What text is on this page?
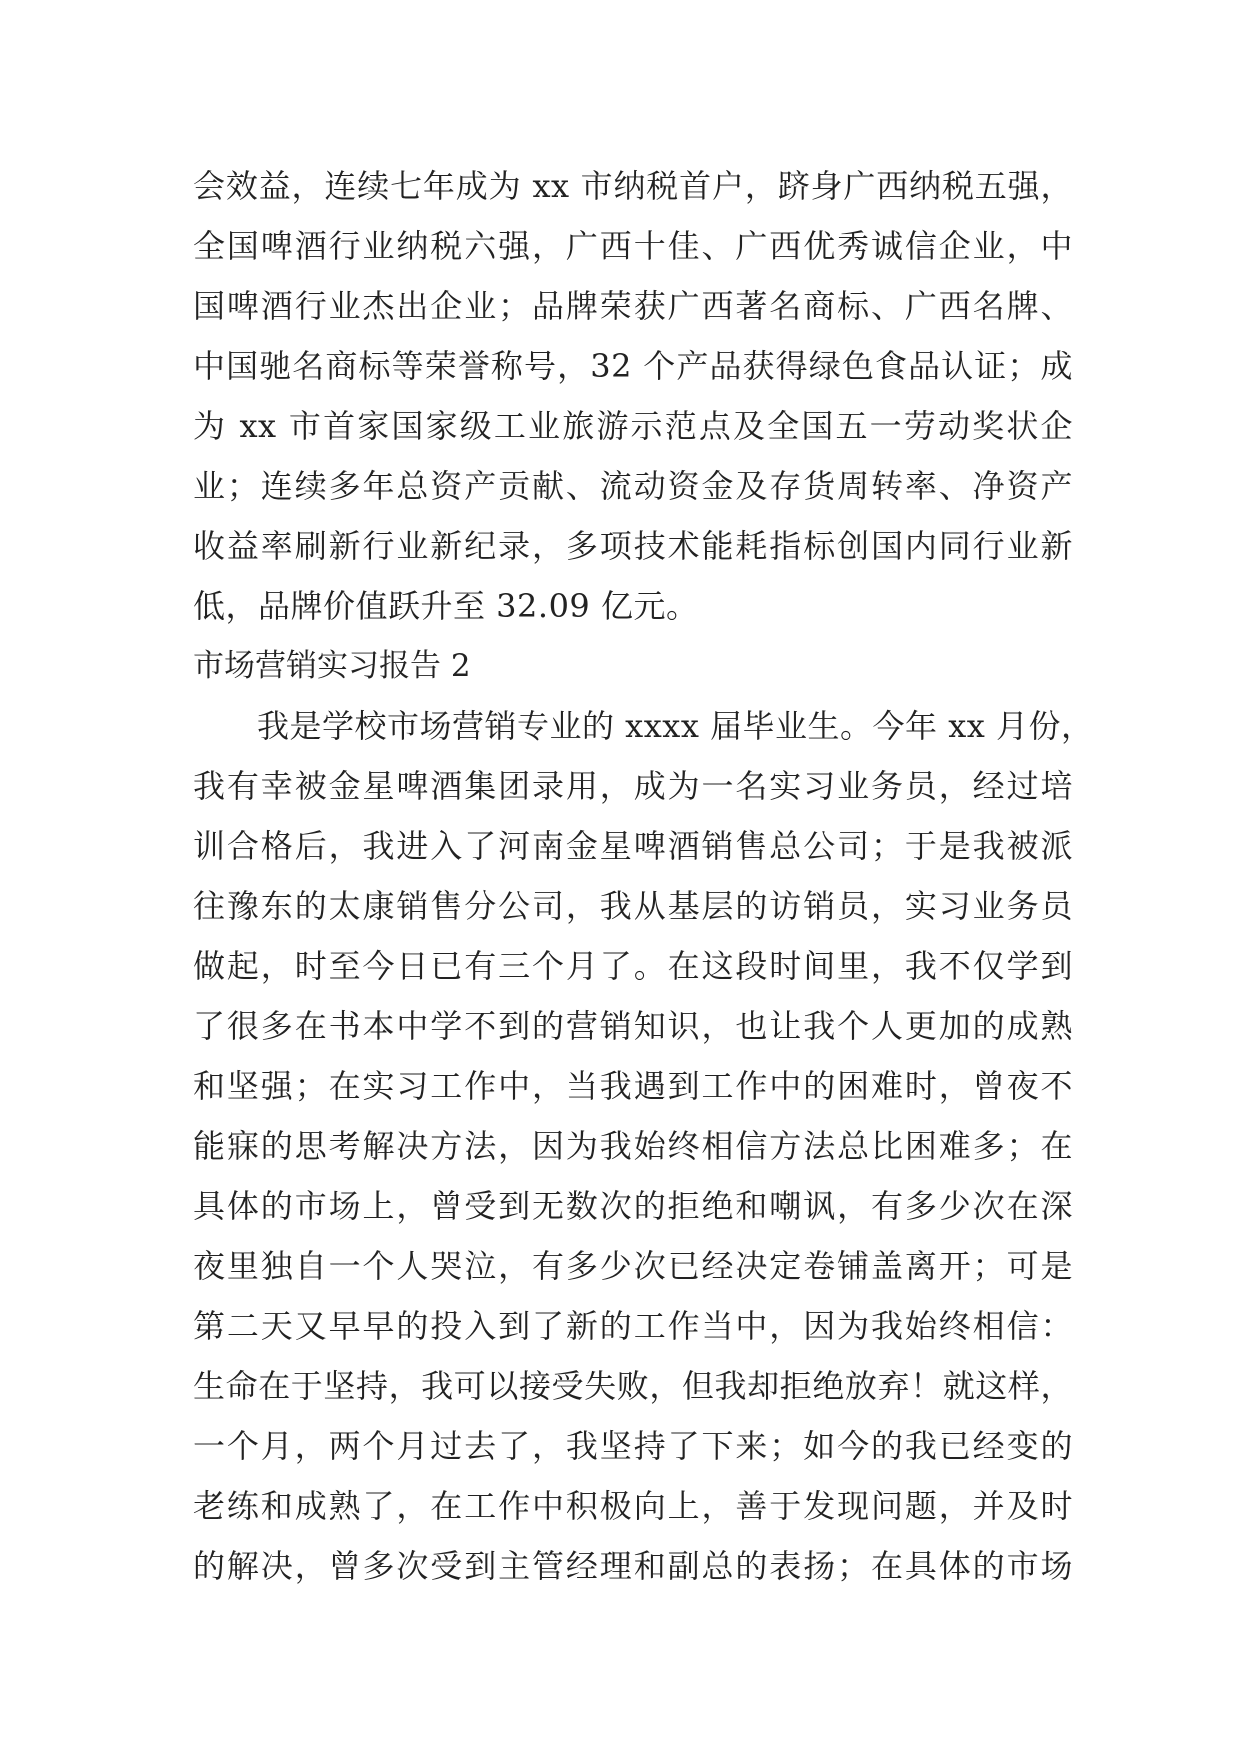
会效益，连续七年成为 xx 市纳税首户，跻身广西纳税五强，
全国啤酒行业纳税六强，广西十佳、广西优秀诚信企业，中
国啤酒行业杰出企业；品牌荣获广西著名商标、广西名牌、
中国驰名商标等荣誉称号，32 个产品获得绿色食品认证；成
为 xx 市首家国家级工业旅游示范点及全国五一劳动奖状企
业；连续多年总资产贡献、流动资金及存货周转率、净资产
收益率刷新行业新纪录，多项技术能耗指标创国内同行业新
低，品牌价值跃升至 32.09 亿元。
市场营销实习报告 2
我是学校市场营销专业的 xxxx 届毕业生。今年 xx 月份，
我有幸被金星啤酒集团录用，成为一名实习业务员，经过培
训合格后，我进入了河南金星啤酒销售总公司；于是我被派
往豫东的太康销售分公司，我从基层的访销员，实习业务员
做起，时至今日已有三个月了。在这段时间里，我不仅学到
了很多在书本中学不到的营销知识，也让我个人更加的成熟
和坚强；在实习工作中，当我遇到工作中的困难时，曾夜不
能寐的思考解决方法，因为我始终相信方法总比困难多；在
具体的市场上，曾受到无数次的拒绝和嘲讽，有多少次在深
夜里独自一个人哭泣，有多少次已经决定卷铺盖离开；可是
第二天又早早的投入到了新的工作当中，因为我始终相信：
生命在于坚持，我可以接受失败，但我却拒绝放弃！就这样，
一个月，两个月过去了，我坚持了下来；如今的我已经变的
老练和成熟了，在工作中积极向上，善于发现问题，并及时
的解决，曾多次受到主管经理和副总的表扬；在具体的市场
